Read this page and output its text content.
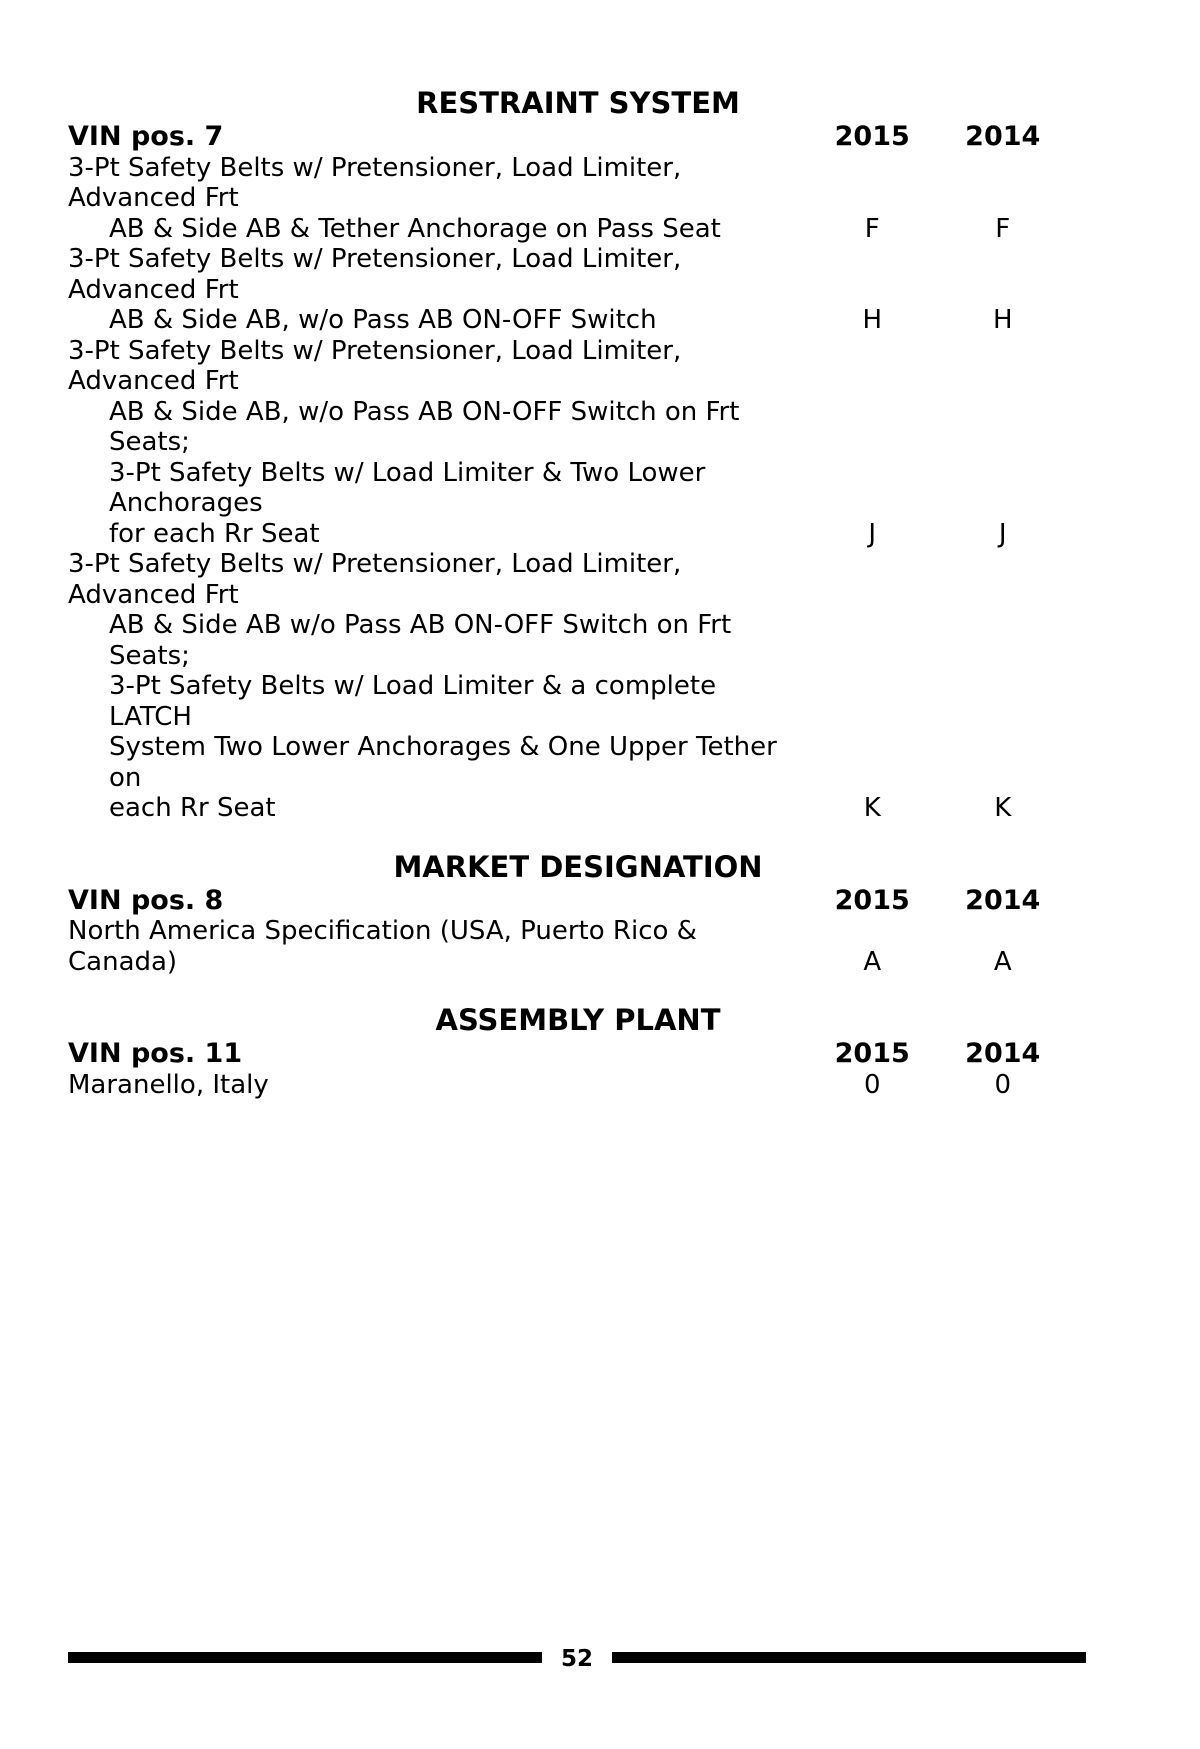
RESTRAINT SYSTEM
VIN pos. 7	2015	2014
3-Pt Safety Belts w/ Pretensioner, Load Limiter, Advanced Frt
AB & Side AB & Tether Anchorage on Pass Seat	F	F
3-Pt Safety Belts w/ Pretensioner, Load Limiter, Advanced Frt
AB & Side AB, w/o Pass AB ON-OFF Switch	H	H
3-Pt Safety Belts w/ Pretensioner, Load Limiter, Advanced Frt
AB & Side AB, w/o Pass AB ON-OFF Switch on Frt Seats;
3-Pt Safety Belts w/ Load Limiter & Two Lower Anchorages
for each Rr Seat	J	J
3-Pt Safety Belts w/ Pretensioner, Load Limiter, Advanced Frt
AB & Side AB w/o Pass AB ON-OFF Switch on Frt Seats;
3-Pt Safety Belts w/ Load Limiter & a complete LATCH
System Two Lower Anchorages & One Upper Tether on
each Rr Seat	K	K
MARKET DESIGNATION
VIN pos. 8	2015	2014
North America Specification (USA, Puerto Rico & Canada)	A	A
ASSEMBLY PLANT
VIN pos. 11	2015	2014
Maranello, Italy	0	0
52
